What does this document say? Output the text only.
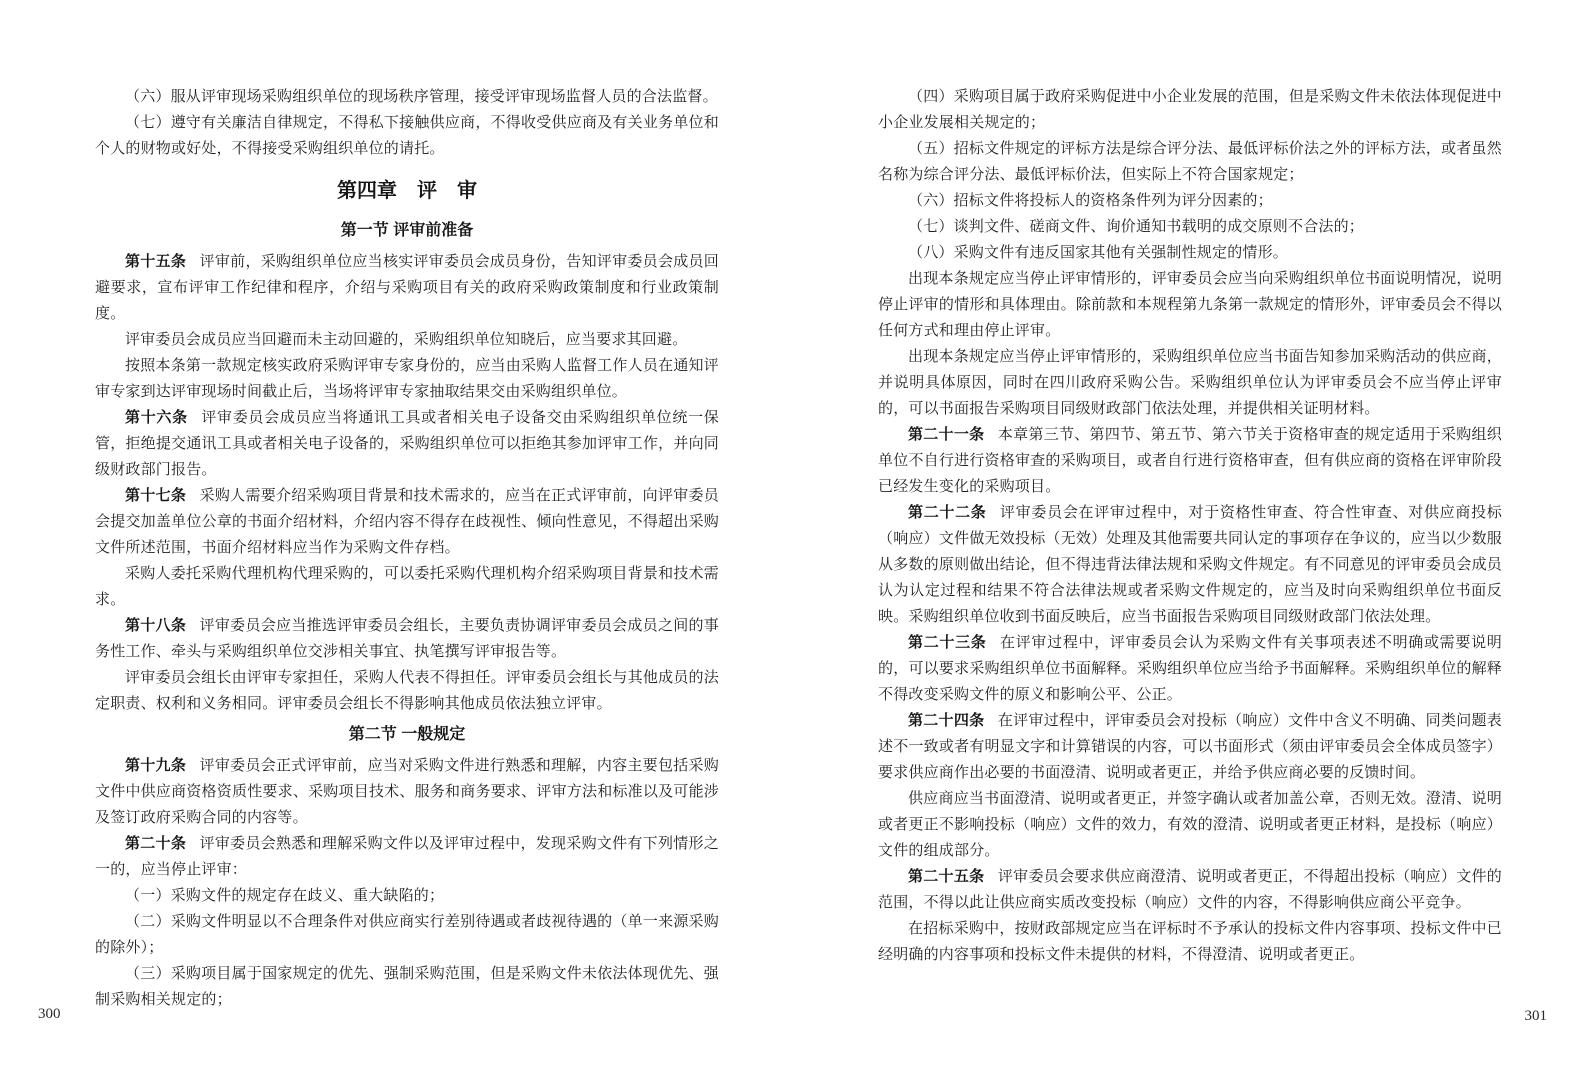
（六）服从评审现场采购组织单位的现场秩序管理，接受评审现场监督人员的合法监督。

（七）遵守有关廉洁自律规定，不得私下接触供应商，不得收受供应商及有关业务单位和个人的财物或好处，不得接受采购组织单位的请托。

第四章　评　审
第一节 评审前准备

第十五条 评审前，采购组织单位应当核实评审委员会成员身份，告知评审委员会成员回避要求，宣布评审工作纪律和程序，介绍与采购项目有关的政府采购政策制度和行业政策制度。

评审委员会成员应当回避而未主动回避的，采购组织单位知晓后，应当要求其回避。

按照本条第一款规定核实政府采购评审专家身份的，应当由采购人监督工作人员在通知评审专家到达评审现场时间截止后，当场将评审专家抽取结果交由采购组织单位。

第十六条 评审委员会成员应当将通讯工具或者相关电子设备交由采购组织单位统一保管，拒绝提交通讯工具或者相关电子设备的，采购组织单位可以拒绝其参加评审工作，并向同级财政部门报告。

第十七条 采购人需要介绍采购项目背景和技术需求的，应当在正式评审前，向评审委员会提交加盖单位公章的书面介绍材料，介绍内容不得存在歧视性、倾向性意见，不得超出采购文件所述范围，书面介绍材料应当作为采购文件存档。

采购人委托采购代理机构代理采购的，可以委托采购代理机构介绍采购项目背景和技术需求。

第十八条 评审委员会应当推选评审委员会组长，主要负责协调评审委员会成员之间的事务性工作、牵头与采购组织单位交涉相关事宜、执笔撰写评审报告等。

评审委员会组长由评审专家担任，采购人代表不得担任。评审委员会组长与其他成员的法定职责、权利和义务相同。评审委员会组长不得影响其他成员依法独立评审。

第二节 一般规定

第十九条 评审委员会正式评审前，应当对采购文件进行熟悉和理解，内容主要包括采购文件中供应商资格资质性要求、采购项目技术、服务和商务要求、评审方法和标准以及可能涉及签订政府采购合同的内容等。

第二十条 评审委员会熟悉和理解采购文件以及评审过程中，发现采购文件有下列情形之一的，应当停止评审：

（一）采购文件的规定存在歧义、重大缺陷的；

（二）采购文件明显以不合理条件对供应商实行差别待遇或者歧视待遇的（单一来源采购的除外）；

（三）采购项目属于国家规定的优先、强制采购范围，但是采购文件未依法体现优先、强制采购相关规定的；

（四）采购项目属于政府采购促进中小企业发展的范围，但是采购文件未依法体现促进中小企业发展相关规定的；

（五）招标文件规定的评标方法是综合评分法、最低评标价法之外的评标方法，或者虽然名称为综合评分法、最低评标价法，但实际上不符合国家规定；

（六）招标文件将投标人的资格条件列为评分因素的；

（七）谈判文件、磋商文件、询价通知书载明的成交原则不合法的；

（八）采购文件有违反国家其他有关强制性规定的情形。

出现本条规定应当停止评审情形的，评审委员会应当向采购组织单位书面说明情况，说明停止评审的情形和具体理由。除前款和本规程第九条第一款规定的情形外，评审委员会不得以任何方式和理由停止评审。

出现本条规定应当停止评审情形的，采购组织单位应当书面告知参加采购活动的供应商，并说明具体原因，同时在四川政府采购公告。采购组织单位认为评审委员会不应当停止评审的，可以书面报告采购项目同级财政部门依法处理，并提供相关证明材料。

第二十一条 本章第三节、第四节、第五节、第六节关于资格审查的规定适用于采购组织单位不自行进行资格审查的采购项目，或者自行进行资格审查，但有供应商的资格在评审阶段已经发生变化的采购项目。

第二十二条 评审委员会在评审过程中，对于资格性审查、符合性审查、对供应商投标（响应）文件做无效投标（无效）处理及其他需要共同认定的事项存在争议的，应当以少数服从多数的原则做出结论，但不得违背法律法规和采购文件规定。有不同意见的评审委员会成员认为认定过程和结果不符合法律法规或者采购文件规定的，应当及时向采购组织单位书面反映。采购组织单位收到书面反映后，应当书面报告采购项目同级财政部门依法处理。

第二十三条 在评审过程中，评审委员会认为采购文件有关事项表述不明确或需要说明的，可以要求采购组织单位书面解释。采购组织单位应当给予书面解释。采购组织单位的解释不得改变采购文件的原义和影响公平、公正。

第二十四条 在评审过程中，评审委员会对投标（响应）文件中含义不明确、同类问题表述不一致或者有明显文字和计算错误的内容，可以书面形式（须由评审委员会全体成员签字）要求供应商作出必要的书面澄清、说明或者更正，并给予供应商必要的反馈时间。

供应商应当书面澄清、说明或者更正，并签字确认或者加盖公章，否则无效。澄清、说明或者更正不影响投标（响应）文件的效力，有效的澄清、说明或者更正材料，是投标（响应）文件的组成部分。

第二十五条 评审委员会要求供应商澄清、说明或者更正，不得超出投标（响应）文件的范围，不得以此让供应商实质改变投标（响应）文件的内容，不得影响供应商公平竞争。

在招标采购中，按财政部规定应当在评标时不予承认的投标文件内容事项、投标文件中已经明确的内容事项和投标文件未提供的材料，不得澄清、说明或者更正。

300	301
